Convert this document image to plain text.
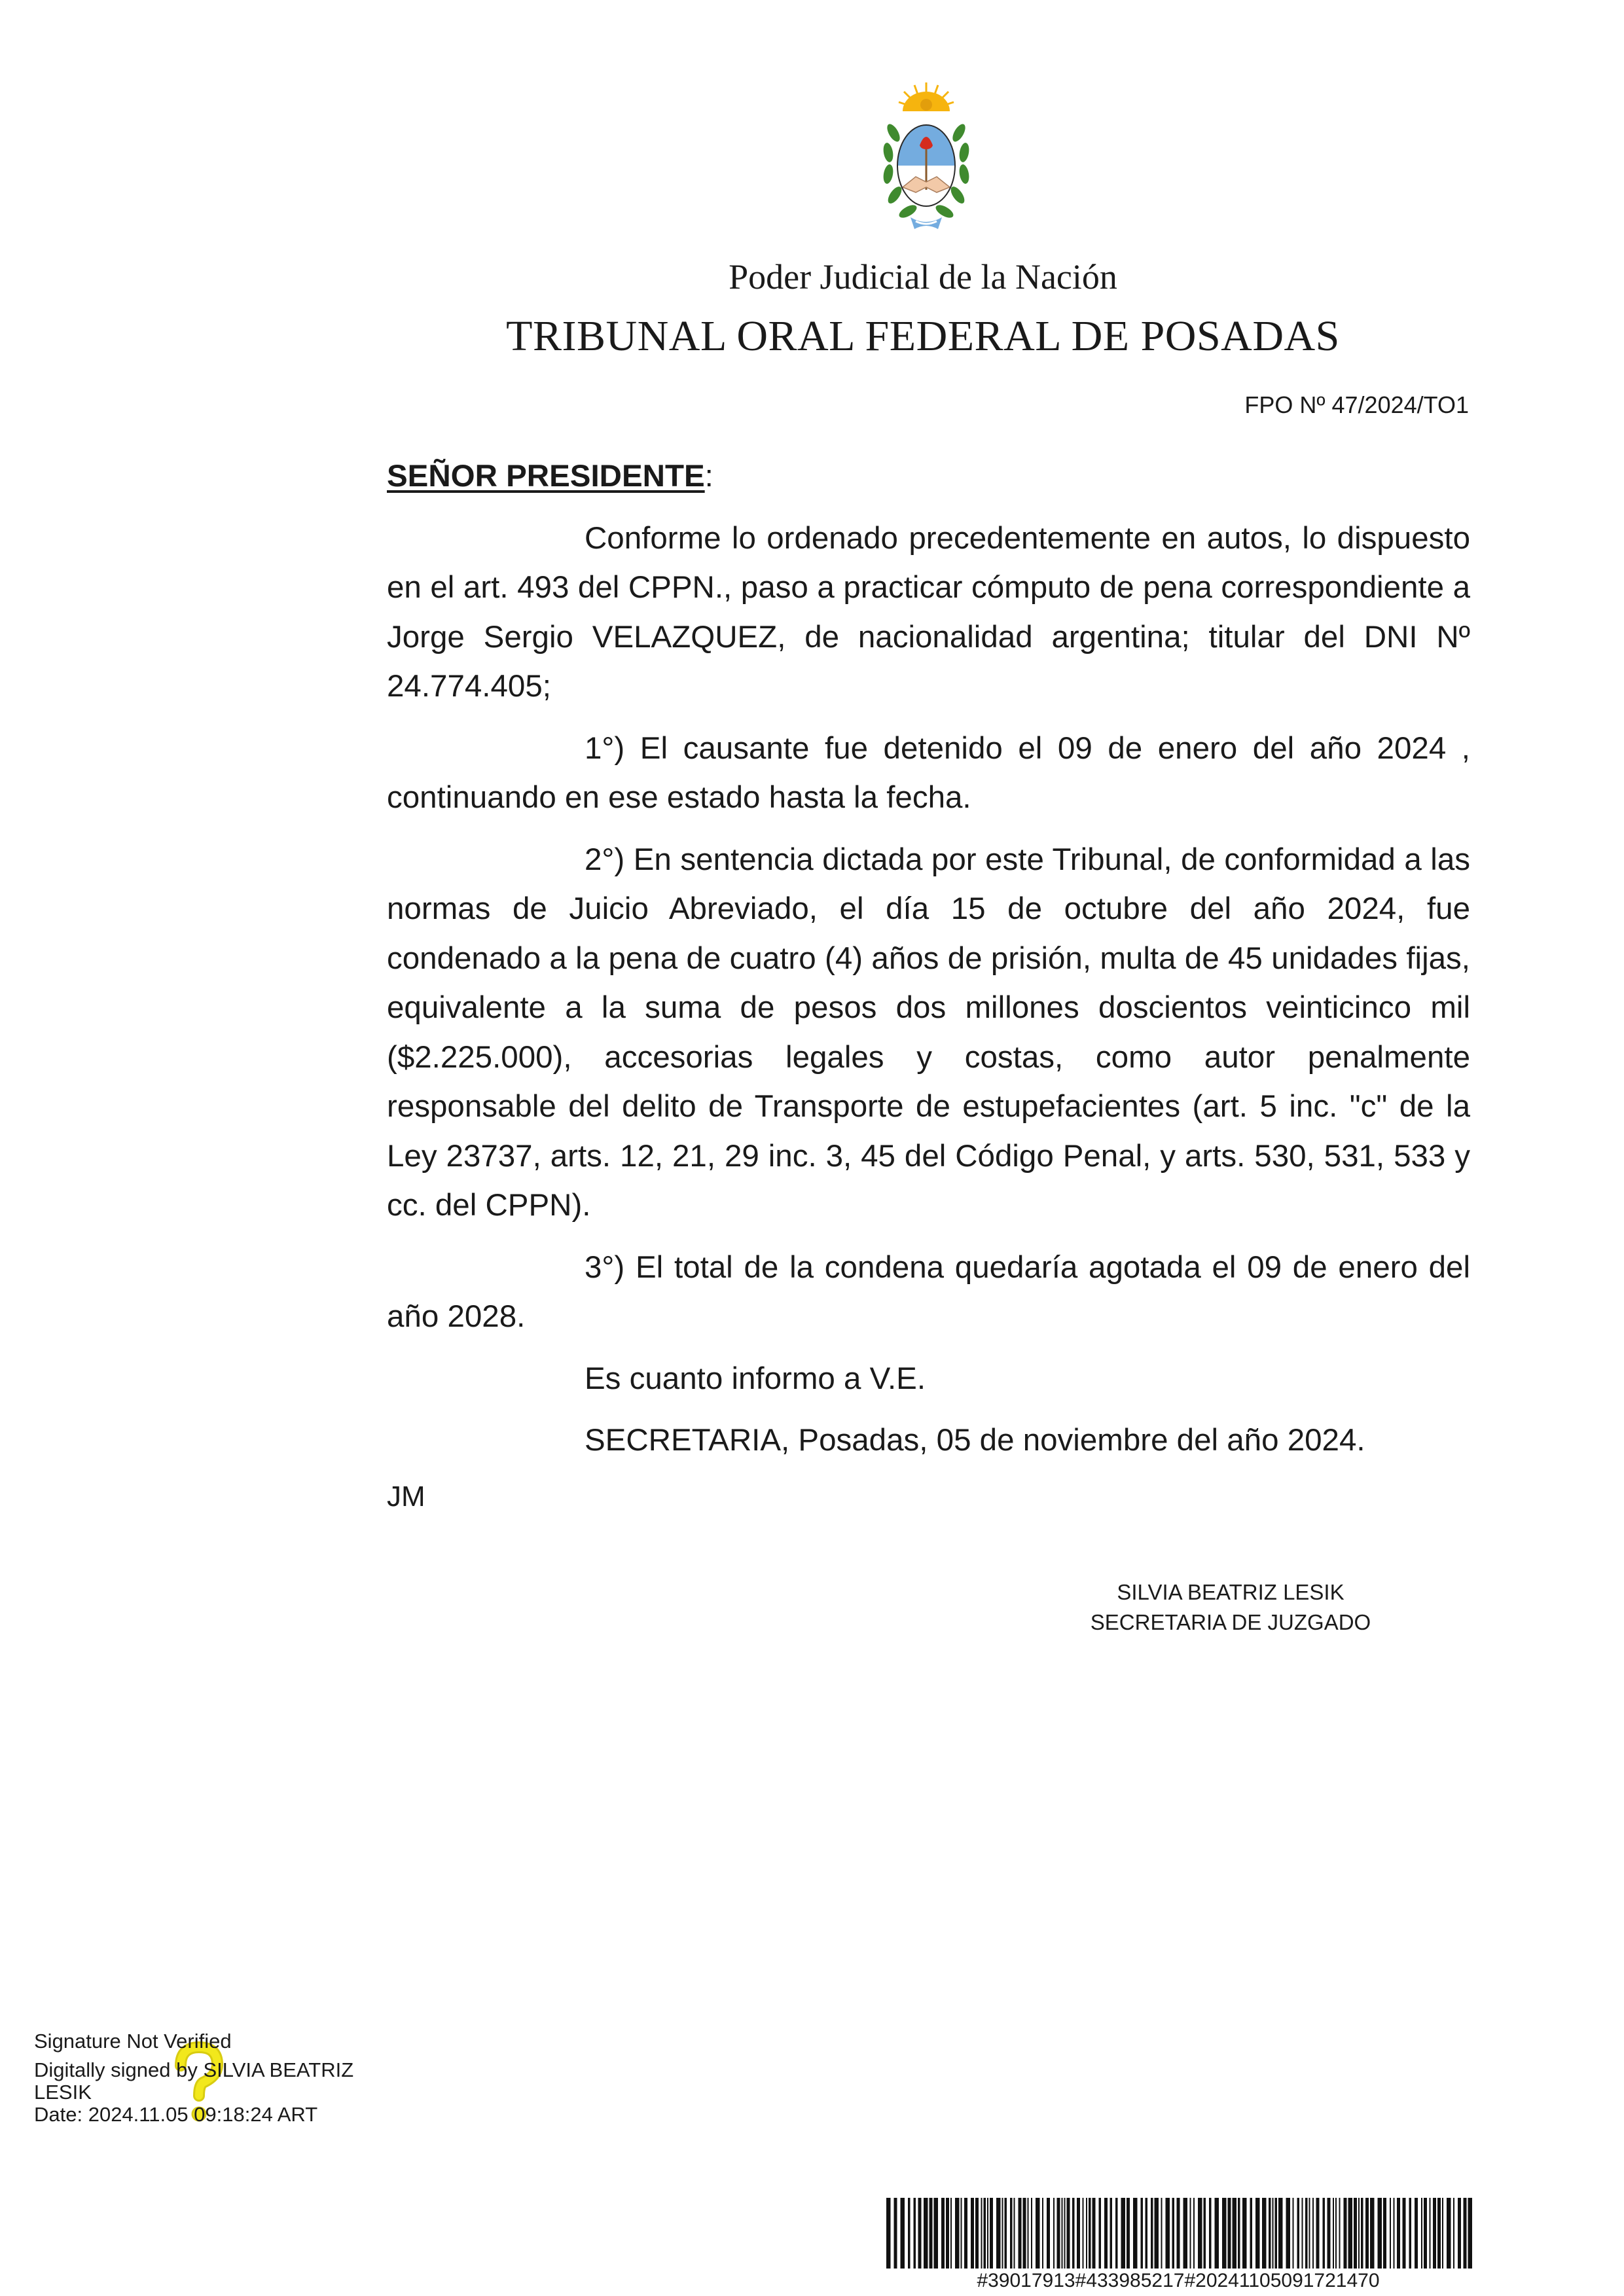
Poder Judicial de la Nación
TRIBUNAL ORAL FEDERAL DE POSADAS
FPO Nº 47/2024/TO1

SEÑOR PRESIDENTE:

Conforme lo ordenado precedentemente en autos, lo dispuesto en el art. 493 del CPPN., paso a practicar cómputo de pena correspondiente a Jorge Sergio VELAZQUEZ, de nacionalidad argentina; titular del DNI Nº 24.774.405;

1°) El causante fue detenido el 09 de enero del año 2024 , continuando en ese estado hasta la fecha.

2°) En sentencia dictada por este Tribunal, de conformidad a las normas de Juicio Abreviado, el día 15 de octubre del año 2024, fue condenado a la pena de cuatro (4) años de prisión, multa de 45 unidades fijas, equivalente a la suma de pesos dos millones doscientos veinticinco mil ($2.225.000), accesorias legales y costas, como autor penalmente responsable del delito de Transporte de estupefacientes (art. 5 inc. "c" de la Ley 23737, arts. 12, 21, 29 inc. 3, 45 del Código Penal, y arts. 530, 531, 533 y cc. del CPPN).

3°) El total de la condena quedaría agotada el 09 de enero del año 2028.

Es cuanto informo a V.E.

SECRETARIA, Posadas, 05 de noviembre del año 2024.

JM
SILVIA BEATRIZ LESIK
SECRETARIA DE JUZGADO
Signature Not Verified
Digitally signed by SILVIA BEATRIZ
LESIK
Date: 2024.11.05 09:18:24 ART
#39017913#433985217#20241105091721470
